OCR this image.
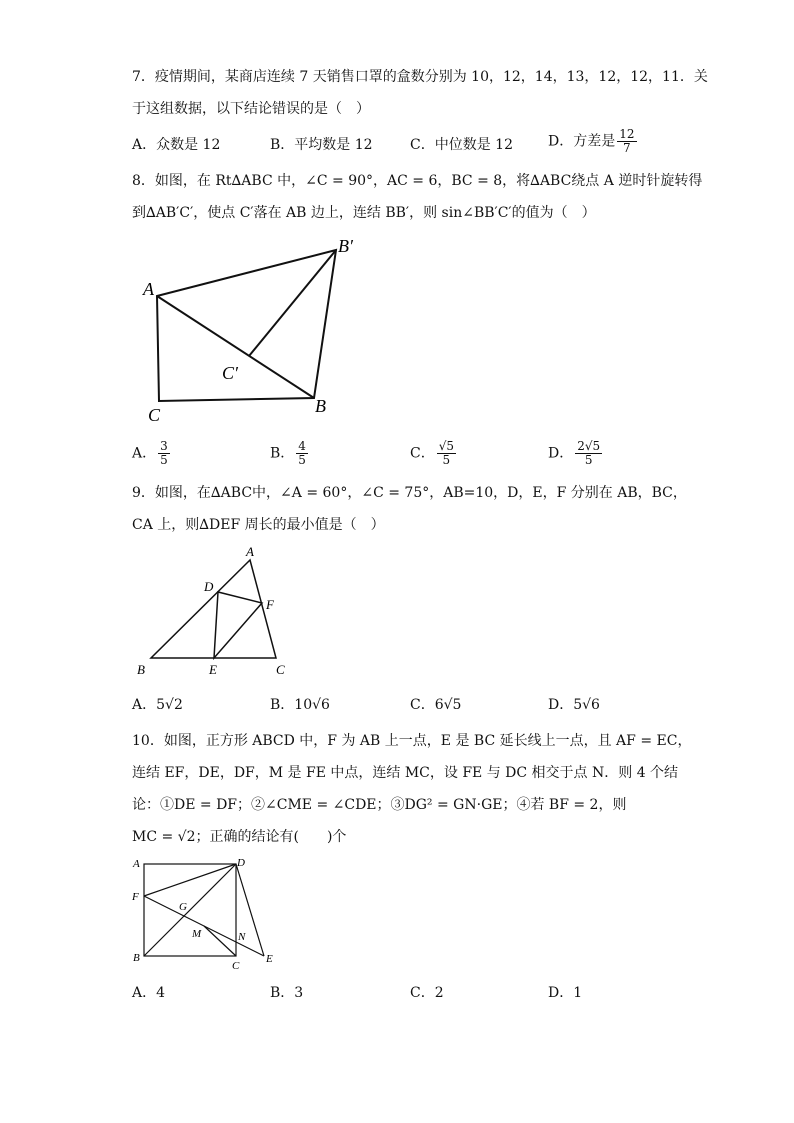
7．疫情期间，某商店连续 7 天销售口罩的盒数分别为 10，12，14，13，12，12，11．关
于这组数据，以下结论错误的是（　）
A．众数是 12	B．平均数是 12	C．中位数是 12	D．方差是 $\frac{12}{7}$
8．如图，在 Rt∆ABC 中，∠C = 90°，AC = 6，BC = 8，将∆ABC绕点 A 逆时针旋转得
到∆AB′C′，使点 C′落在 AB 边上，连结 BB′，则 sin∠BB′C′的值为（　）
A
B′
C′
C	B
A． $\frac{3}{5}$	B． $\frac{4}{5}$	C． $\frac{√5}{5}$	D． $\frac{2√5}{5}$
9．如图，在∆ABC中，∠A = 60°，∠C = 75°，AB=10，D，E，F 分别在 AB，BC，
CA 上，则∆DEF 周长的最小值是（　）
A
B	C
D
E
F
A．5√2	B．10√6	C．6√5	D．5√6
10．如图，正方形 ABCD 中，F 为 AB 上一点，E 是 BC 延长线上一点，且 AF = EC，
连结 EF，DE，DF，M 是 FE 中点，连结 MC，设 FE 与 DC 相交于点 N．则 4 个结
论：①DE = DF；②∠CME = ∠CDE；③DG² = GN·GE；④若 BF = 2，则
MC = √2；正确的结论有(　　)个
A	D
F
G
M	N
B
C
E
A．4	B．3	C．2	D．1
